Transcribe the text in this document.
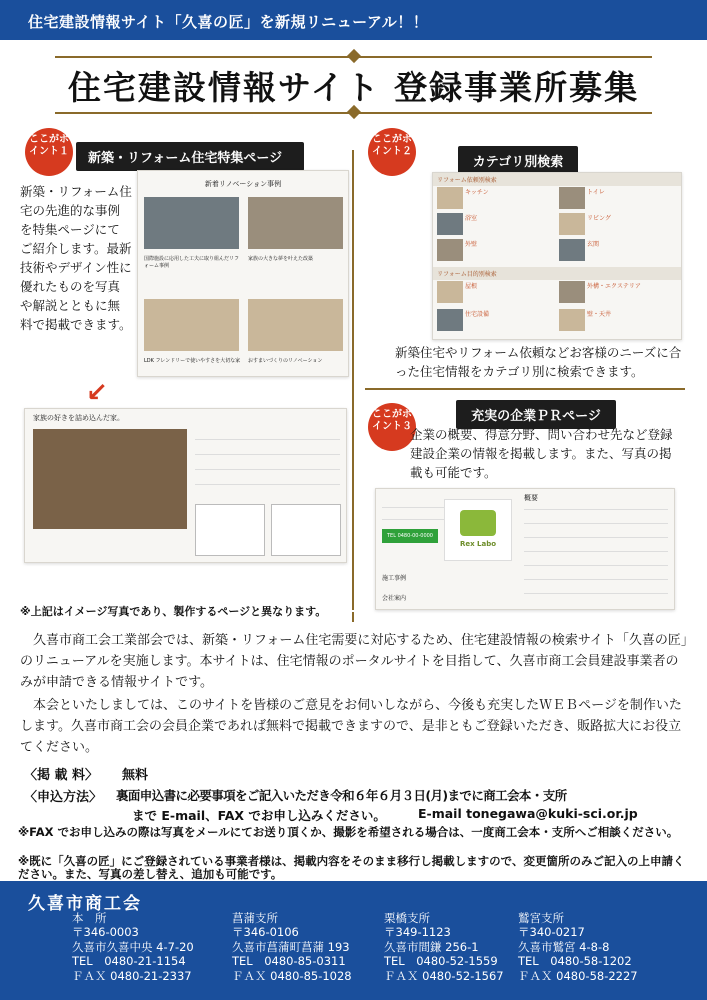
住宅建設情報サイト「久喜の匠」を新規リニューアル！！
住宅建設情報サイト 登録事業所募集
ここがポイント１	新築・リフォーム住宅特集ページ
新築・リフォーム住宅の先進的な事例を特集ページにてご紹介します。最新技術やデザイン性に優れたものを写真や解説とともに無料で掲載できます。
新着リノベーション事例
国際施設に応用した工夫に取り組んだリフォーム事例
家族の大きな夢を叶えた改築
LDK フレンドリーで使いやすさを大切な家	おすまいづくりのリノベーション
↙
家族の好きを詰め込んだ家。
ここがポイント２
カテゴリ別検索
リフォーム依頼別検索
キッチン	トイレ
浴室	リビング
外壁	玄関
リフォーム目的別検索
屋根	外構・エクステリア
住宅設備	壁・天井
新築住宅やリフォーム依頼などお客様のニーズに合った住宅情報をカテゴリ別に検索できます。
ここがポイント３
充実の企業ＰＲページ
企業の概要、得意分野、問い合わせ先など登録建設企業の情報を掲載します。また、写真の掲載も可能です。
TEL 0480-00-0000
Rex Labo
施工事例
会社案内
概要
※上記はイメージ写真であり、製作するページと異なります。
久喜市商工会工業部会では、新築・リフォーム住宅需要に対応するため、住宅建設情報の検索サイト「久喜の匠」のリニューアルを実施します。本サイトは、住宅情報のポータルサイトを目指して、久喜市商工会員建設事業者のみが申請できる情報サイトです。
本会といたしましては、このサイトを皆様のご意見をお伺いしながら、今後も充実したＷＥＢページを制作いたします。久喜市商工会の会員企業であれば無料で掲載できますので、是非ともご登録いただき、販路拡大にお役立てください。
〈掲 載 料〉 無料
〈申込方法〉 裏面申込書に必要事項をご記入いただき令和６年６月３日(月)までに商工会本・支所
まで E-mail、FAX でお申し込みください。	E-mail tonegawa@kuki-sci.or.jp
※FAX でお申し込みの際は写真をメールにてお送り頂くか、撮影を希望される場合は、一度商工会本・支所へご相談ください。
※既に「久喜の匠」にご登録されている事業者様は、掲載内容をそのまま移行し掲載しますので、変更箇所のみご記入の上申請ください。また、写真の差し替え、追加も可能です。
久喜市商工会
本　所
〒346-0003
久喜市久喜中央 4-7-20
TEL　0480-21-1154
ＦＡＸ 0480-21-2337
菖蒲支所
〒346-0106
久喜市菖蒲町菖蒲 193
TEL　0480-85-0311
ＦＡＸ 0480-85-1028
栗橋支所
〒349-1123
久喜市間鎌 256-1
TEL　0480-52-1559
ＦＡＸ 0480-52-1567
鷲宮支所
〒340-0217
久喜市鷲宮 4-8-8
TEL　0480-58-1202
ＦＡＸ 0480-58-2227
